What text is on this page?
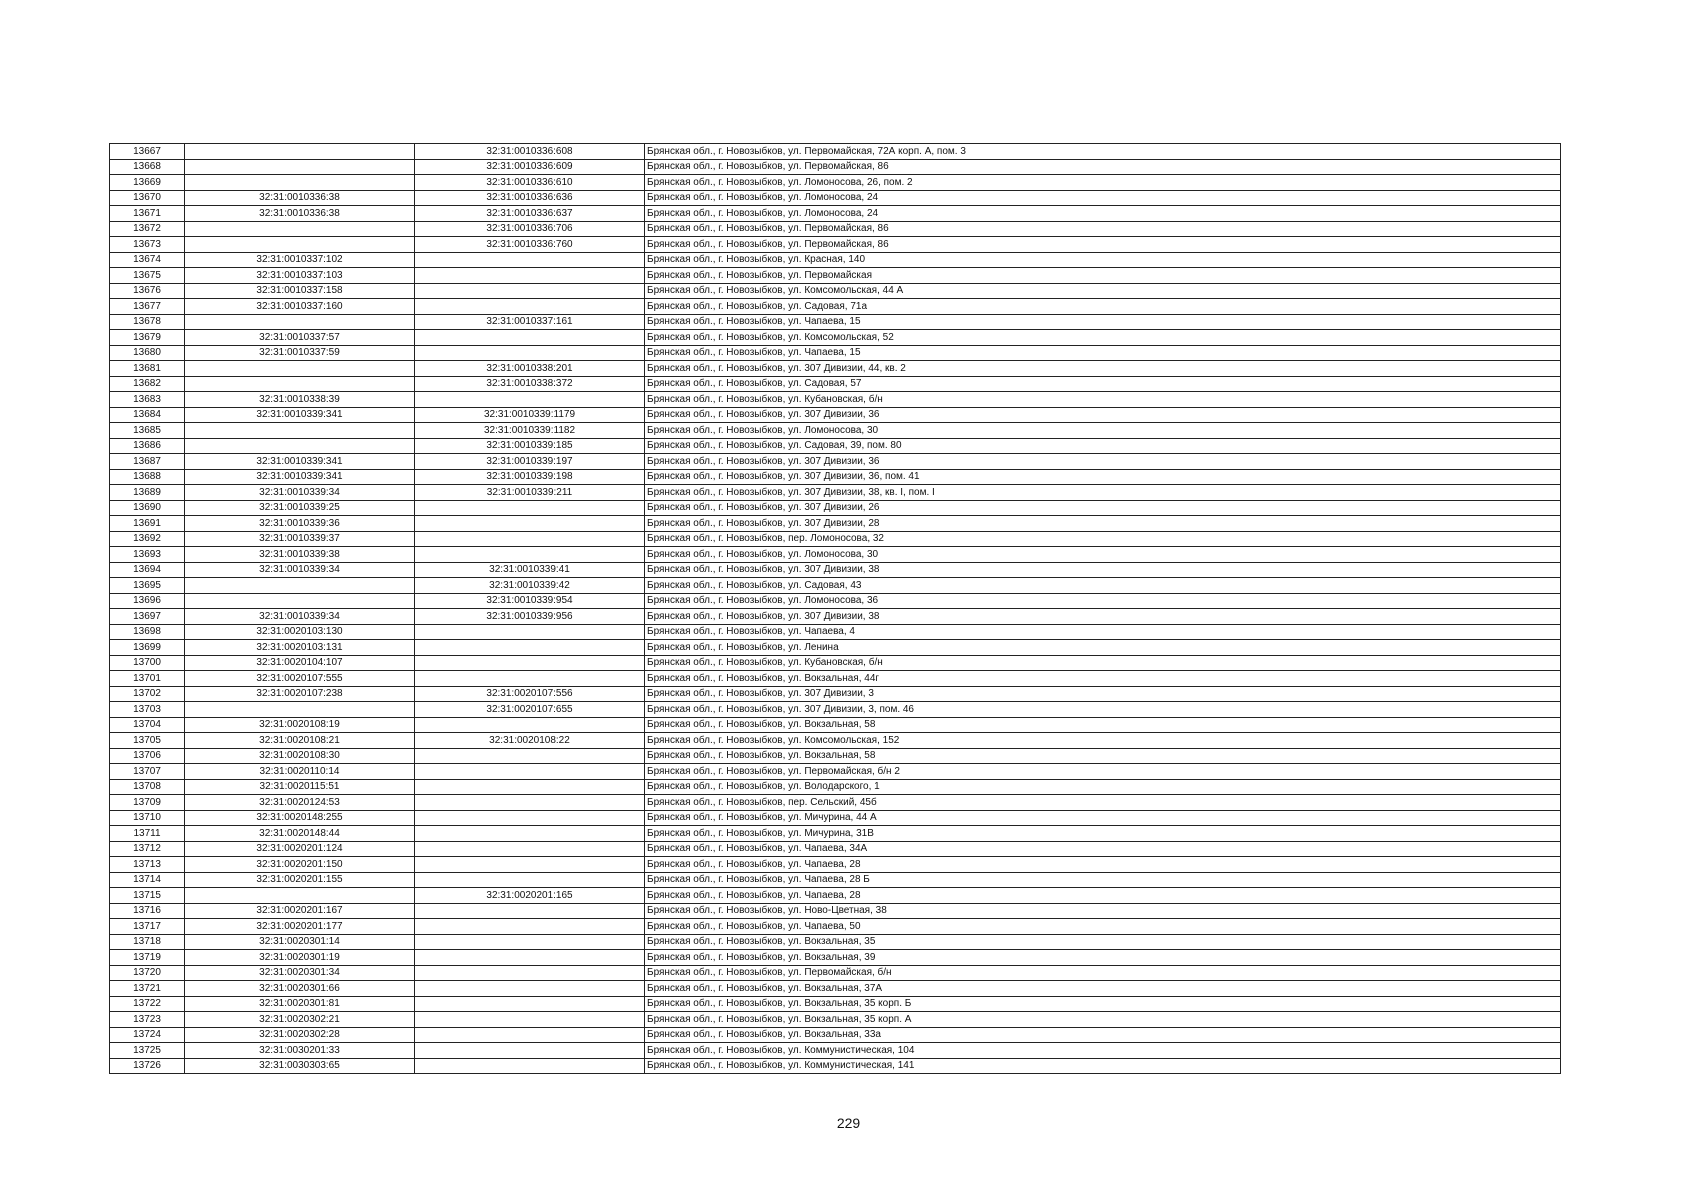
13667		32:31:0010336:608	Брянская обл., г. Новозыбков, ул. Первомайская, 72А корп. А, пом. 3
13668		32:31:0010336:609	Брянская обл., г. Новозыбков, ул. Первомайская, 86
13669		32:31:0010336:610	Брянская обл., г. Новозыбков, ул. Ломоносова, 26, пом. 2
13670	32:31:0010336:38	32:31:0010336:636	Брянская обл., г. Новозыбков, ул. Ломоносова, 24
13671	32:31:0010336:38	32:31:0010336:637	Брянская обл., г. Новозыбков, ул. Ломоносова, 24
13672		32:31:0010336:706	Брянская обл., г. Новозыбков, ул. Первомайская, 86
13673		32:31:0010336:760	Брянская обл., г. Новозыбков, ул. Первомайская, 86
13674	32:31:0010337:102		Брянская обл., г. Новозыбков, ул. Красная, 140
13675	32:31:0010337:103		Брянская обл., г. Новозыбков, ул. Первомайская
13676	32:31:0010337:158		Брянская обл., г. Новозыбков, ул. Комсомольская, 44 А
13677	32:31:0010337:160		Брянская обл., г. Новозыбков, ул. Садовая, 71а
13678		32:31:0010337:161	Брянская обл., г. Новозыбков, ул. Чапаева, 15
13679	32:31:0010337:57		Брянская обл., г. Новозыбков, ул. Комсомольская, 52
13680	32:31:0010337:59		Брянская обл., г. Новозыбков, ул. Чапаева, 15
13681		32:31:0010338:201	Брянская обл., г. Новозыбков, ул. 307 Дивизии, 44, кв. 2
13682		32:31:0010338:372	Брянская обл., г. Новозыбков, ул. Садовая, 57
13683	32:31:0010338:39		Брянская обл., г. Новозыбков, ул. Кубановская, б/н
13684	32:31:0010339:341	32:31:0010339:1179	Брянская обл., г. Новозыбков, ул. 307 Дивизии, 36
13685		32:31:0010339:1182	Брянская обл., г. Новозыбков, ул. Ломоносова, 30
13686		32:31:0010339:185	Брянская обл., г. Новозыбков, ул. Садовая, 39, пом. 80
13687	32:31:0010339:341	32:31:0010339:197	Брянская обл., г. Новозыбков, ул. 307 Дивизии, 36
13688	32:31:0010339:341	32:31:0010339:198	Брянская обл., г. Новозыбков, ул. 307 Дивизии, 36, пом. 41
13689	32:31:0010339:34	32:31:0010339:211	Брянская обл., г. Новозыбков, ул. 307 Дивизии, 38, кв. I, пом. I
13690	32:31:0010339:25		Брянская обл., г. Новозыбков, ул. 307 Дивизии, 26
13691	32:31:0010339:36		Брянская обл., г. Новозыбков, ул. 307 Дивизии, 28
13692	32:31:0010339:37		Брянская обл., г. Новозыбков, пер. Ломоносова, 32
13693	32:31:0010339:38		Брянская обл., г. Новозыбков, ул. Ломоносова, 30
13694	32:31:0010339:34	32:31:0010339:41	Брянская обл., г. Новозыбков, ул. 307 Дивизии, 38
13695		32:31:0010339:42	Брянская обл., г. Новозыбков, ул. Садовая, 43
13696		32:31:0010339:954	Брянская обл., г. Новозыбков, ул. Ломоносова, 36
13697	32:31:0010339:34	32:31:0010339:956	Брянская обл., г. Новозыбков, ул. 307 Дивизии, 38
13698	32:31:0020103:130		Брянская обл., г. Новозыбков, ул. Чапаева, 4
13699	32:31:0020103:131		Брянская обл., г. Новозыбков, ул. Ленина
13700	32:31:0020104:107		Брянская обл., г. Новозыбков, ул. Кубановская, б/н
13701	32:31:0020107:555		Брянская обл., г. Новозыбков, ул. Вокзальная, 44г
13702	32:31:0020107:238	32:31:0020107:556	Брянская обл., г. Новозыбков, ул. 307 Дивизии, 3
13703		32:31:0020107:655	Брянская обл., г. Новозыбков, ул. 307 Дивизии, 3, пом. 46
13704	32:31:0020108:19		Брянская обл., г. Новозыбков, ул. Вокзальная, 58
13705	32:31:0020108:21	32:31:0020108:22	Брянская обл., г. Новозыбков, ул. Комсомольская, 152
13706	32:31:0020108:30		Брянская обл., г. Новозыбков, ул. Вокзальная, 58
13707	32:31:0020110:14		Брянская обл., г. Новозыбков, ул. Первомайская, б/н 2
13708	32:31:0020115:51		Брянская обл., г. Новозыбков, ул. Володарского, 1
13709	32:31:0020124:53		Брянская обл., г. Новозыбков, пер. Сельский, 45б
13710	32:31:0020148:255		Брянская обл., г. Новозыбков, ул. Мичурина, 44 А
13711	32:31:0020148:44		Брянская обл., г. Новозыбков, ул. Мичурина, 31В
13712	32:31:0020201:124		Брянская обл., г. Новозыбков, ул. Чапаева, 34А
13713	32:31:0020201:150		Брянская обл., г. Новозыбков, ул. Чапаева, 28
13714	32:31:0020201:155		Брянская обл., г. Новозыбков, ул. Чапаева, 28 Б
13715		32:31:0020201:165	Брянская обл., г. Новозыбков, ул. Чапаева, 28
13716	32:31:0020201:167		Брянская обл., г. Новозыбков, ул. Ново-Цветная, 38
13717	32:31:0020201:177		Брянская обл., г. Новозыбков, ул. Чапаева, 50
13718	32:31:0020301:14		Брянская обл., г. Новозыбков, ул. Вокзальная, 35
13719	32:31:0020301:19		Брянская обл., г. Новозыбков, ул. Вокзальная, 39
13720	32:31:0020301:34		Брянская обл., г. Новозыбков, ул. Первомайская, б/н
13721	32:31:0020301:66		Брянская обл., г. Новозыбков, ул. Вокзальная, 37А
13722	32:31:0020301:81		Брянская обл., г. Новозыбков, ул. Вокзальная, 35 корп. Б
13723	32:31:0020302:21		Брянская обл., г. Новозыбков, ул. Вокзальная, 35 корп. А
13724	32:31:0020302:28		Брянская обл., г. Новозыбков, ул. Вокзальная, 33а
13725	32:31:0030201:33		Брянская обл., г. Новозыбков, ул. Коммунистическая, 104
13726	32:31:0030303:65		Брянская обл., г. Новозыбков, ул. Коммунистическая, 141
229
